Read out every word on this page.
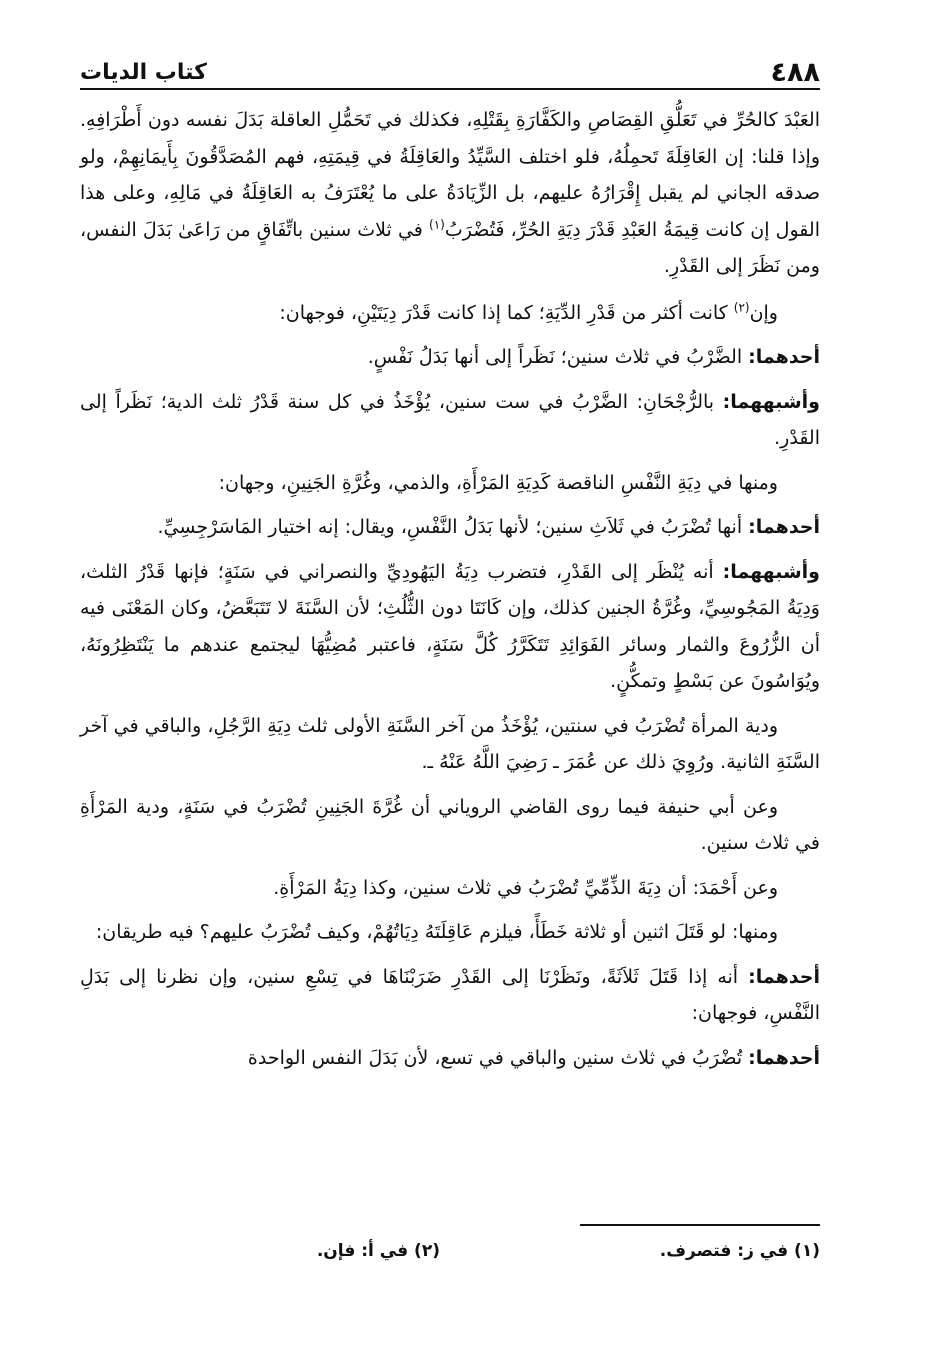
٤٨٨
كتاب الديات

العَبْدَ كالحُرِّ في تَعَلُّقِ القِصَاصِ والكَفَّارَةِ بِقَتْلِهِ، فكذلك في تَحَمُّلِ العاقلة بَدَلَ نفسه دون أَطْرَافِهِ. وإذا قلنا: إن العَاقِلَةَ تَحمِلُهُ، فلو اختلف السَّيِّدُ والعَاقِلَةُ في قِيمَتِهِ، فهم المُصَدَّقُونَ بِأَيمَانِهِمْ، ولو صدقه الجاني لم يقبل إِقْرَارُهُ عليهم، بل الزِّيَادَةُ على ما يُعْتَرَفُ به العَاقِلَةُ في مَالِهِ، وعلى هذا القول إن كانت قِيمَةُ العَبْدِ قَدْرَ دِيَةِ الحُرِّ، فَتُضْرَبُ$^{(١)}$ في ثلاث سنين باتِّفَاقٍ من رَاعَىٰ بَدَلَ النفس، ومن نَظَرَ إلى القَدْرِ.

وإن$^{(٢)}$ كانت أكثر من قَدْرِ الدِّيَةِ؛ كما إذا كانت قَدْرَ دِيَتَيْنِ، فوجهان:

أحدهما: الضَّرْبُ في ثلاث سنين؛ نَظَراً إلى أنها بَدَلُ نَفْسٍ.

وأشبههما: بالرُّجْحَانِ: الضَّرْبُ في ست سنين، يُؤْخَذُ في كل سنة قَدْرُ ثلث الدية؛ نَظَراً إلى القَدْرِ.

ومنها في دِيَةِ النَّفْسِ الناقصة كَدِيَةِ المَرْأَةِ، والذمي، وغُرَّةِ الجَنِينِ، وجهان:

أحدهما: أنها تُضْرَبُ في ثَلاَثِ سنين؛ لأنها بَدَلُ النَّفْسِ، ويقال: إنه اختيار المَاسَرْجِسِيِّ.

وأشبههما: أنه يُنْظَر إلى القَدْرِ، فتضرب دِيَةُ اليَهُودِيِّ والنصراني في سَنَةٍ؛ فإنها قَدْرُ الثلث، وَدِيَةُ المَجُوسِيِّ، وغُرَّةُ الجنين كذلك، وإن كَانَتَا دون الثُّلُثِ؛ لأن السَّنَةَ لا تَتَبَعَّضُ، وكان المَعْنَى فيه أن الزُّرُوعَ والثمار وسائر الفَوَائِدِ تَتَكَرَّرُ كُلَّ سَنَةٍ، فاعتبر مُضِيُّهَا ليجتمع عندهم ما يَنْتَظِرُونَهُ، ويُوَاسُونَ عن بَسْطٍ وتمكُّنٍ.

ودية المرأة تُضْرَبُ في سنتين، يُؤْخَذُ من آخر السَّنَةِ الأولى ثلث دِيَةِ الرَّجُلِ، والباقي في آخر السَّنَةِ الثانية. ورُوِيَ ذلك عن عُمَرَ ـ رَضِيَ اللَّهُ عَنْهُ ـ.

وعن أبي حنيفة فيما روى القاضي الروياني أن غُرَّةَ الجَنِينِ تُضْرَبُ في سَنَةٍ، ودية المَرْأَةِ في ثلاث سنين.

وعن أَحْمَدَ: أن دِيَةَ الذِّمِّيِّ تُضْرَبُ في ثلاث سنين، وكذا دِيَةُ المَرْأَةِ.

ومنها: لو قَتَلَ اثنين أو ثلاثة خَطَأً، فيلزم عَاقِلَتَهُ دِيَاتُهُمْ، وكيف تُضْرَبُ عليهم؟ فيه طريقان:

أحدهما: أنه إذا قَتَلَ ثَلاَثَةً، ونَظَرْنَا إلى القَدْرِ ضَرَبْنَاهَا في تِسْعِ سنين، وإن نظرنا إلى بَدَلِ النَّفْسِ، فوجهان:

أحدهما: تُضْرَبُ في ثلاث سنين والباقي في تسع، لأن بَدَلَ النفس الواحدة

(١) في ز: فتصرف.
(٢) في أ: فإن.
